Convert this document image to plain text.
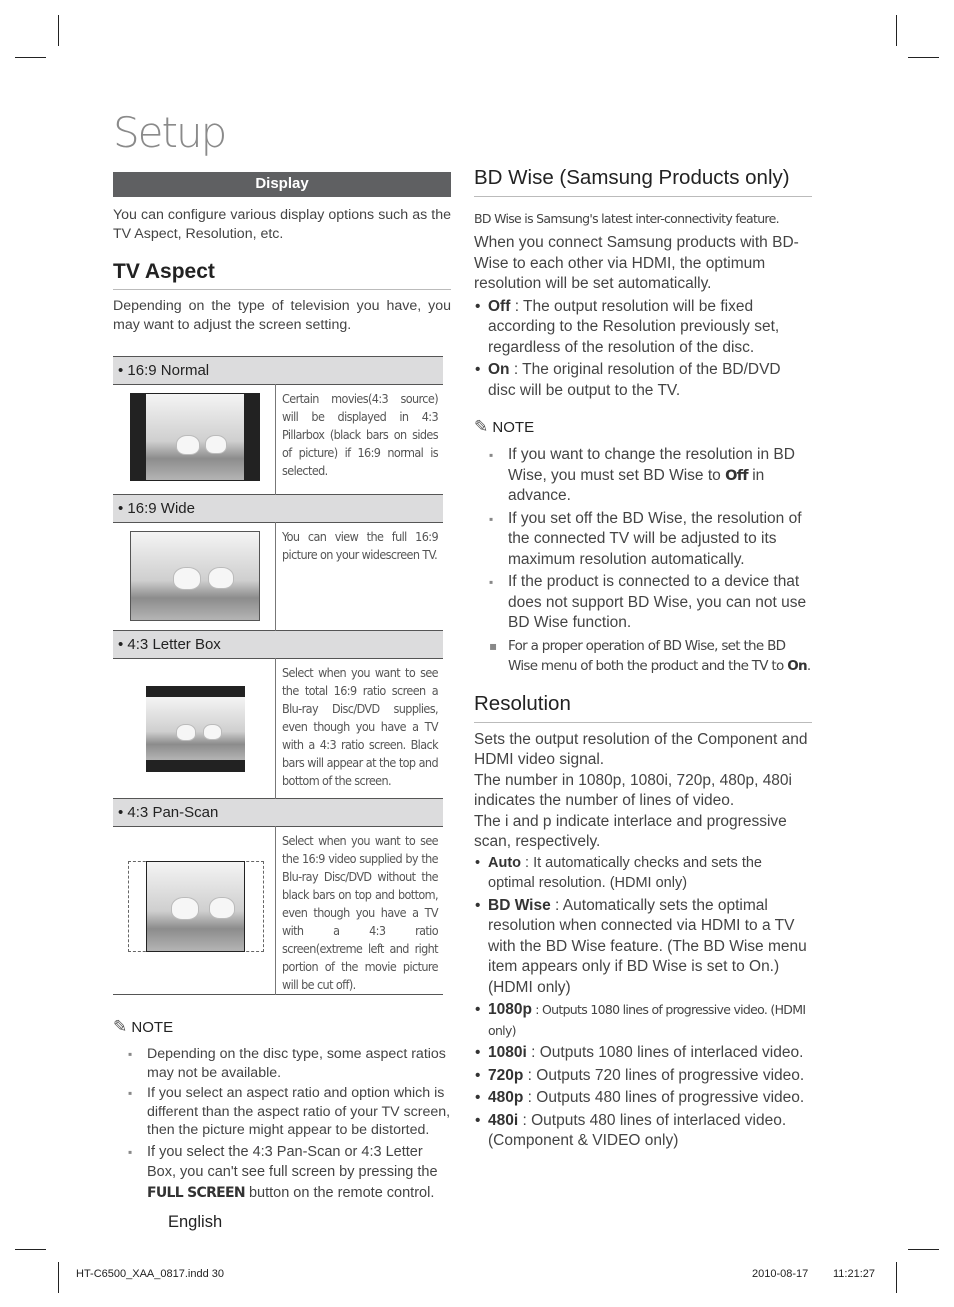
Setup
Display
You can configure various display options such as the TV Aspect, Resolution, etc.
TV Aspect
Depending on the type of television you have, you may want to adjust the screen setting.
• 16:9 Normal	

	Certain movies(4:3 source) will be displayed in 4:3 Pillarbox (black bars on sides of picture) if 16:9 normal is selected.
• 16:9 Wide	

	You can view the full 16:9 picture on your widescreen TV.
• 4:3 Letter Box	

	Select when you want to see the total 16:9 ratio screen a Blu-ray Disc/DVD supplies, even though you have a TV with a 4:3 ratio screen. Black bars will appear at the top and bottom of the screen.
• 4:3 Pan-Scan	

	Select when you want to see the 16:9 video supplied by the Blu-ray Disc/DVD without the black bars on top and bottom, even though you have a TV with a 4:3 ratio screen(extreme left and right portion of the movie picture will be cut off).

✎ NOTE
▪ Depending on the disc type, some aspect ratios may not be available.
▪ If you select an aspect ratio and option which is different than the aspect ratio of your TV screen, then the picture might appear to be distorted.
▪ If you select the 4:3 Pan-Scan or 4:3 Letter Box, you can't see full screen by pressing the FULL SCREEN button on the remote control.
BD Wise (Samsung Products only)
BD Wise is Samsung's latest inter-connectivity feature.
When you connect Samsung products with BD-Wise to each other via HDMI, the optimum resolution will be set automatically.
• Off : The output resolution will be fixed according to the Resolution previously set, regardless of the resolution of the disc.
• On : The original resolution of the BD/DVD disc will be output to the TV.
✎ NOTE
▪ If you want to change the resolution in BD Wise, you must set BD Wise to Off in advance.
▪ If you set off the BD Wise, the resolution of the connected TV will be adjusted to its maximum resolution automatically.
▪ If the product is connected to a device that does not support BD Wise, you can not use BD Wise function.
▪ For a proper operation of BD Wise, set the BD Wise menu of both the product and the TV to On.
Resolution
Sets the output resolution of the Component and HDMI video signal.
The number in 1080p, 1080i, 720p, 480p, 480i indicates the number of lines of video.
The i and p indicate interlace and progressive scan, respectively.
• Auto : It automatically checks and sets the optimal resolution. (HDMI only)
• BD Wise : Automatically sets the optimal resolution when connected via HDMI to a TV with the BD Wise feature. (The BD Wise menu item appears only if BD Wise is set to On.) (HDMI only)
• 1080p : Outputs 1080 lines of progressive video. (HDMI only)
• 1080i : Outputs 1080 lines of interlaced video.
• 720p : Outputs 720 lines of progressive video.
• 480p : Outputs 480 lines of progressive video.
• 480i : Outputs 480 lines of interlaced video. (Component & VIDEO only)
English
HT-C6500_XAA_0817.indd 30	2010-08-17 11:21:27
